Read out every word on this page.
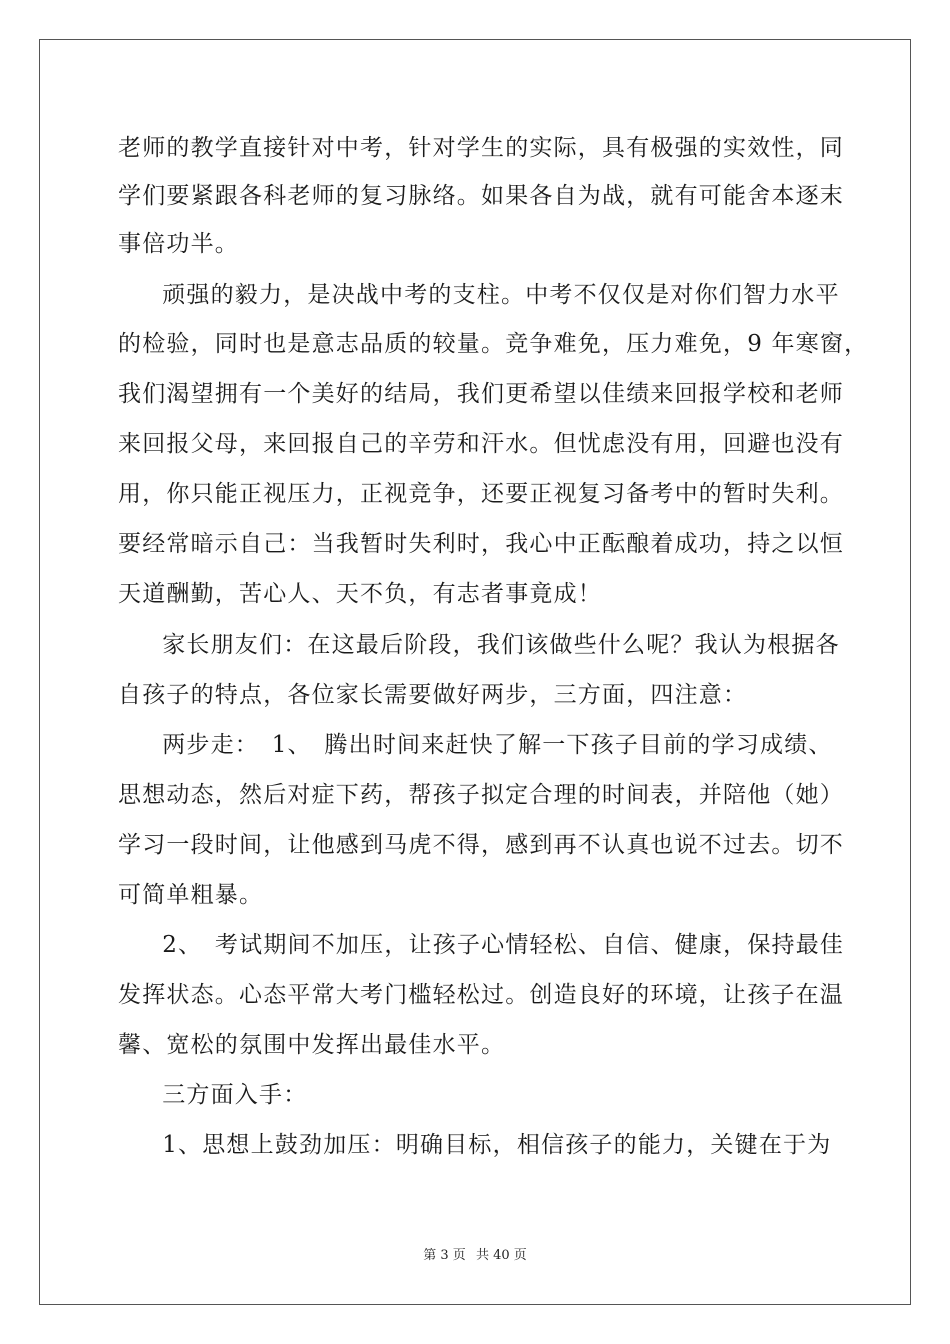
老师的教学直接针对中考，针对学生的实际，具有极强的实效性，同
学们要紧跟各科老师的复习脉络。如果各自为战，就有可能舍本逐末
事倍功半。
　顽强的毅力，是决战中考的支柱。中考不仅仅是对你们智力水平
的检验，同时也是意志品质的较量。竞争难免，压力难免，9 年寒窗，
我们渴望拥有一个美好的结局，我们更希望以佳绩来回报学校和老师
来回报父母，来回报自己的辛劳和汗水。但忧虑没有用，回避也没有
用，你只能正视压力，正视竞争，还要正视复习备考中的暂时失利。
要经常暗示自己：当我暂时失利时，我心中正酝酿着成功，持之以恒
天道酬勤，苦心人、天不负，有志者事竟成！
　家长朋友们：在这最后阶段，我们该做些什么呢？我认为根据各
自孩子的特点，各位家长需要做好两步，三方面，四注意：
　两步走：　1、　腾出时间来赶快了解一下孩子目前的学习成绩、
思想动态，然后对症下药，帮孩子拟定合理的时间表，并陪他（她）
学习一段时间，让他感到马虎不得，感到再不认真也说不过去。切不
可简单粗暴。
　2、　考试期间不加压，让孩子心情轻松、自信、健康，保持最佳
发挥状态。心态平常大考门槛轻松过。创造良好的环境，让孩子在温
馨、宽松的氛围中发挥出最佳水平。
　三方面入手：
　1、思想上鼓劲加压：明确目标，相信孩子的能力，关键在于为
第 3 页 共 40 页
